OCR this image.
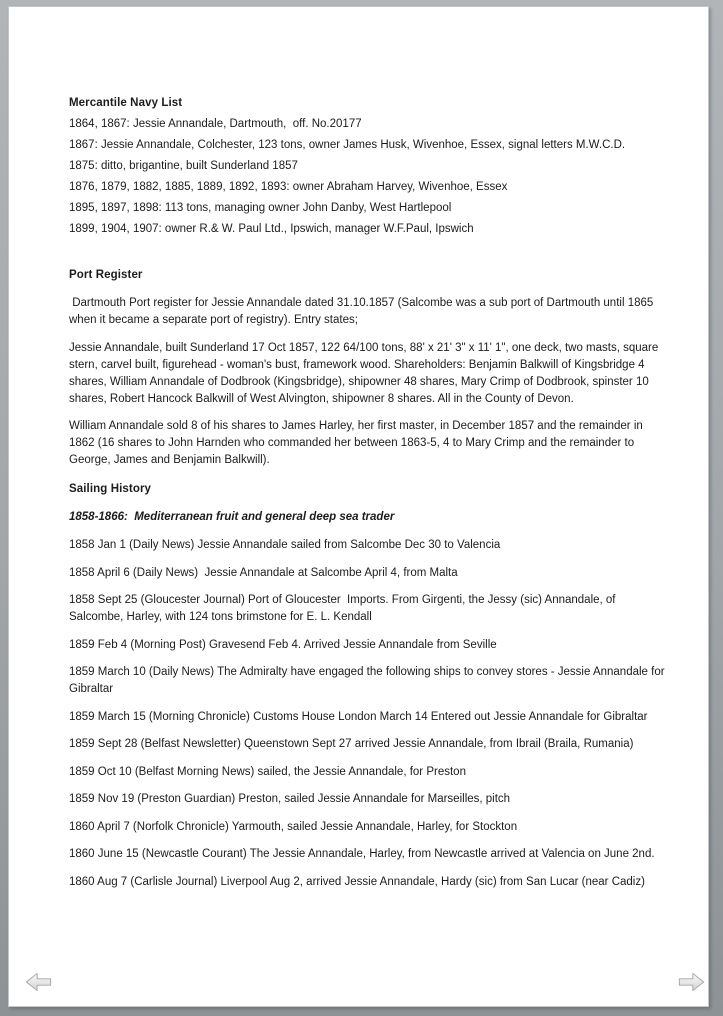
Mercantile Navy List

1864, 1867: Jessie Annandale, Dartmouth,  off. No.20177

1867: Jessie Annandale, Colchester, 123 tons, owner James Husk, Wivenhoe, Essex, signal letters M.W.C.D.

1875: ditto, brigantine, built Sunderland 1857

1876, 1879, 1882, 1885, 1889, 1892, 1893: owner Abraham Harvey, Wivenhoe, Essex

1895, 1897, 1898: 113 tons, managing owner John Danby, West Hartlepool

1899, 1904, 1907: owner R.& W. Paul Ltd., Ipswich, manager W.F.Paul, Ipswich

Port Register

Dartmouth Port register for Jessie Annandale dated 31.10.1857 (Salcombe was a sub port of Dartmouth until 1865 when it became a separate port of registry). Entry states;

Jessie Annandale, built Sunderland 17 Oct 1857, 122 64/100 tons, 88' x 21' 3" x 11' 1", one deck, two masts, square stern, carvel built, figurehead - woman's bust, framework wood. Shareholders: Benjamin Balkwill of Kingsbridge 4 shares, William Annandale of Dodbrook (Kingsbridge), shipowner 48 shares, Mary Crimp of Dodbrook, spinster 10 shares, Robert Hancock Balkwill of West Alvington, shipowner 8 shares. All in the County of Devon.

William Annandale sold 8 of his shares to James Harley, her first master, in December 1857 and the remainder in 1862 (16 shares to John Harnden who commanded her between 1863-5, 4 to Mary Crimp and the remainder to George, James and Benjamin Balkwill).

Sailing History

1858-1866:  Mediterranean fruit and general deep sea trader

1858 Jan 1 (Daily News) Jessie Annandale sailed from Salcombe Dec 30 to Valencia

1858 April 6 (Daily News)  Jessie Annandale at Salcombe April 4, from Malta

1858 Sept 25 (Gloucester Journal) Port of Gloucester  Imports. From Girgenti, the Jessy (sic) Annandale, of Salcombe, Harley, with 124 tons brimstone for E. L. Kendall

1859 Feb 4 (Morning Post) Gravesend Feb 4. Arrived Jessie Annandale from Seville

1859 March 10 (Daily News) The Admiralty have engaged the following ships to convey stores - Jessie Annandale for Gibraltar

1859 March 15 (Morning Chronicle) Customs House London March 14 Entered out Jessie Annandale for Gibraltar

1859 Sept 28 (Belfast Newsletter) Queenstown Sept 27 arrived Jessie Annandale, from Ibrail (Braila, Rumania)

1859 Oct 10 (Belfast Morning News) sailed, the Jessie Annandale, for Preston

1859 Nov 19 (Preston Guardian) Preston, sailed Jessie Annandale for Marseilles, pitch

1860 April 7 (Norfolk Chronicle) Yarmouth, sailed Jessie Annandale, Harley, for Stockton

1860 June 15 (Newcastle Courant) The Jessie Annandale, Harley, from Newcastle arrived at Valencia on June 2nd.

1860 Aug 7 (Carlisle Journal) Liverpool Aug 2, arrived Jessie Annandale, Hardy (sic) from San Lucar (near Cadiz)
